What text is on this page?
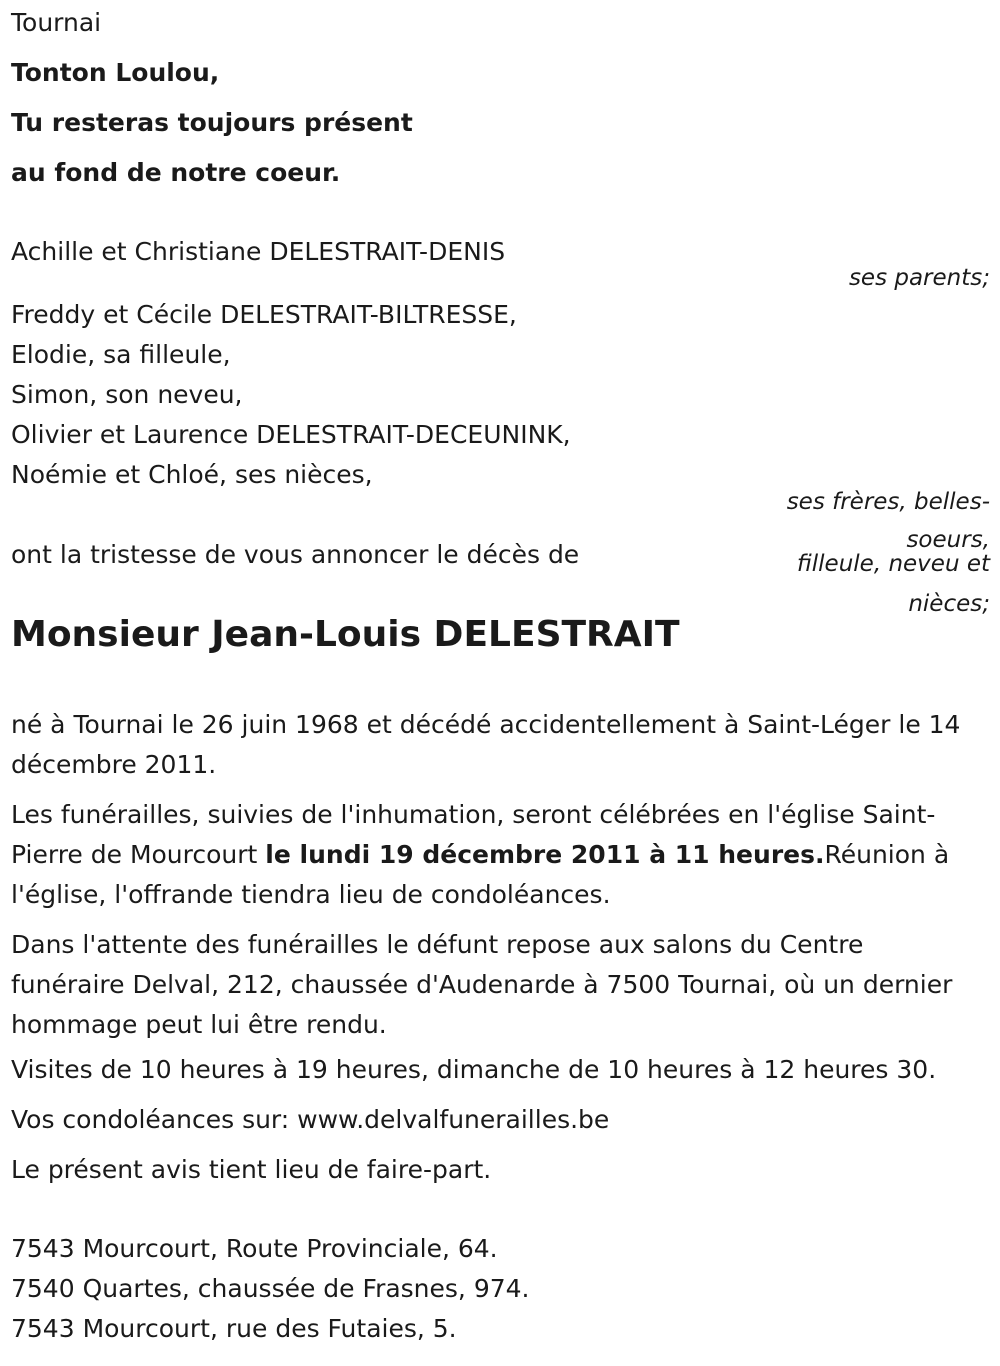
Tournai
Tonton Loulou,
Tu resteras toujours présent
au fond de notre coeur.
Achille et Christiane DELESTRAIT-DENIS
ses parents;
Freddy et Cécile DELESTRAIT-BILTRESSE,
Elodie, sa filleule,
Simon, son neveu,
Olivier et Laurence DELESTRAIT-DECEUNINK,
Noémie et Chloé, ses nièces,
ses frères, belles-
soeurs,
filleule, neveu et
nièces;
ont la tristesse de vous annoncer le décès de
Monsieur Jean-Louis DELESTRAIT
né à Tournai le 26 juin 1968 et décédé accidentellement à Saint-Léger le 14 décembre 2011.
Les funérailles, suivies de l'inhumation, seront célébrées en l'église Saint-Pierre de Mourcourt le lundi 19 décembre 2011 à 11 heures.Réunion à l'église, l'offrande tiendra lieu de condoléances.
Dans l'attente des funérailles le défunt repose aux salons du Centre funéraire Delval, 212, chaussée d'Audenarde à 7500 Tournai, où un dernier hommage peut lui être rendu.
Visites de 10 heures à 19 heures, dimanche de 10 heures à 12 heures 30.
Vos condoléances sur: www.delvalfunerailles.be
Le présent avis tient lieu de faire-part.
7543 Mourcourt, Route Provinciale, 64.
7540 Quartes, chaussée de Frasnes, 974.
7543 Mourcourt, rue des Futaies, 5.
